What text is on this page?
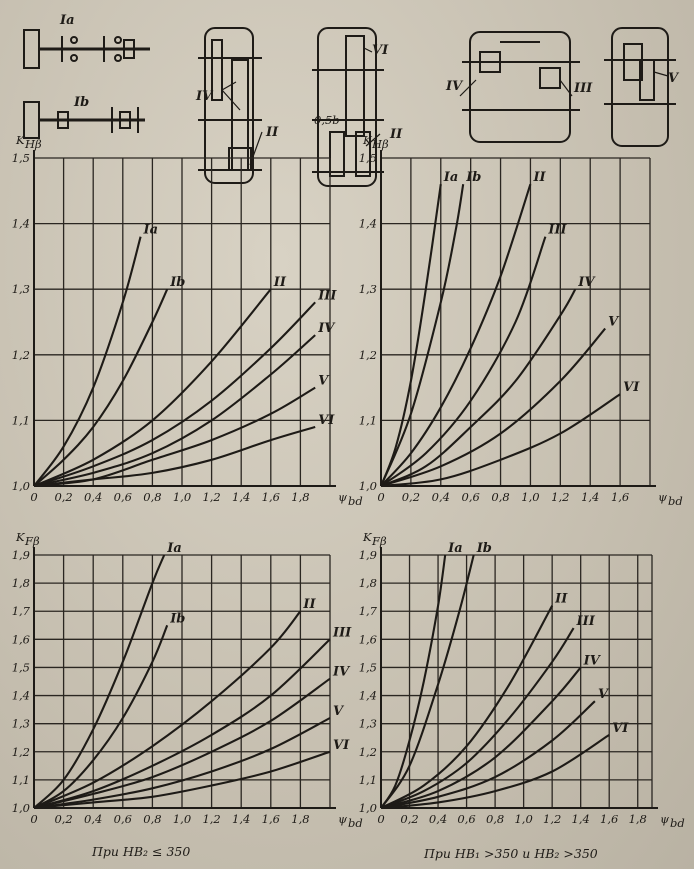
Ia
Ib	IV
II
VI
0,5b
II
IV	III
V
1,0
1,1
1,2
1,3
1,4
1,5
0 0,2 0,4 0,6 0,8 1,0 1,2 1,4 1,6 1,8
K Hβ
ψ bd
Ia
Ib	II
III
IV
V
VI
1,0
1,1
1,2
1,3
1,4
1,5
0 0,2 0,4 0,6 0,8 1,0 1,2 1,4 1,6
K Hβ
ψ bd
Ia Ib	II
III
IV
V
VI
1,0
1,1
1,2
1,3
1,4
1,5
1,6
1,7
1,8
1,9
0 0,2 0,4 0,6 0,8 1,0 1,2 1,4 1,6 1,8
K Fβ
ψ bd
Ia
Ib
II
III
IV
V
VI
1,0
1,1
1,2
1,3
1,4
1,5
1,6
1,7
1,8
1,9
0 0,2 0,4 0,6 0,8 1,0 1,2 1,4 1,6 1,8
K Fβ
ψ bd
Ia Ib
II
III
IV
V
VI
При HB₂ ≤ 350	При HB₁ >350 и HB₂ >350
